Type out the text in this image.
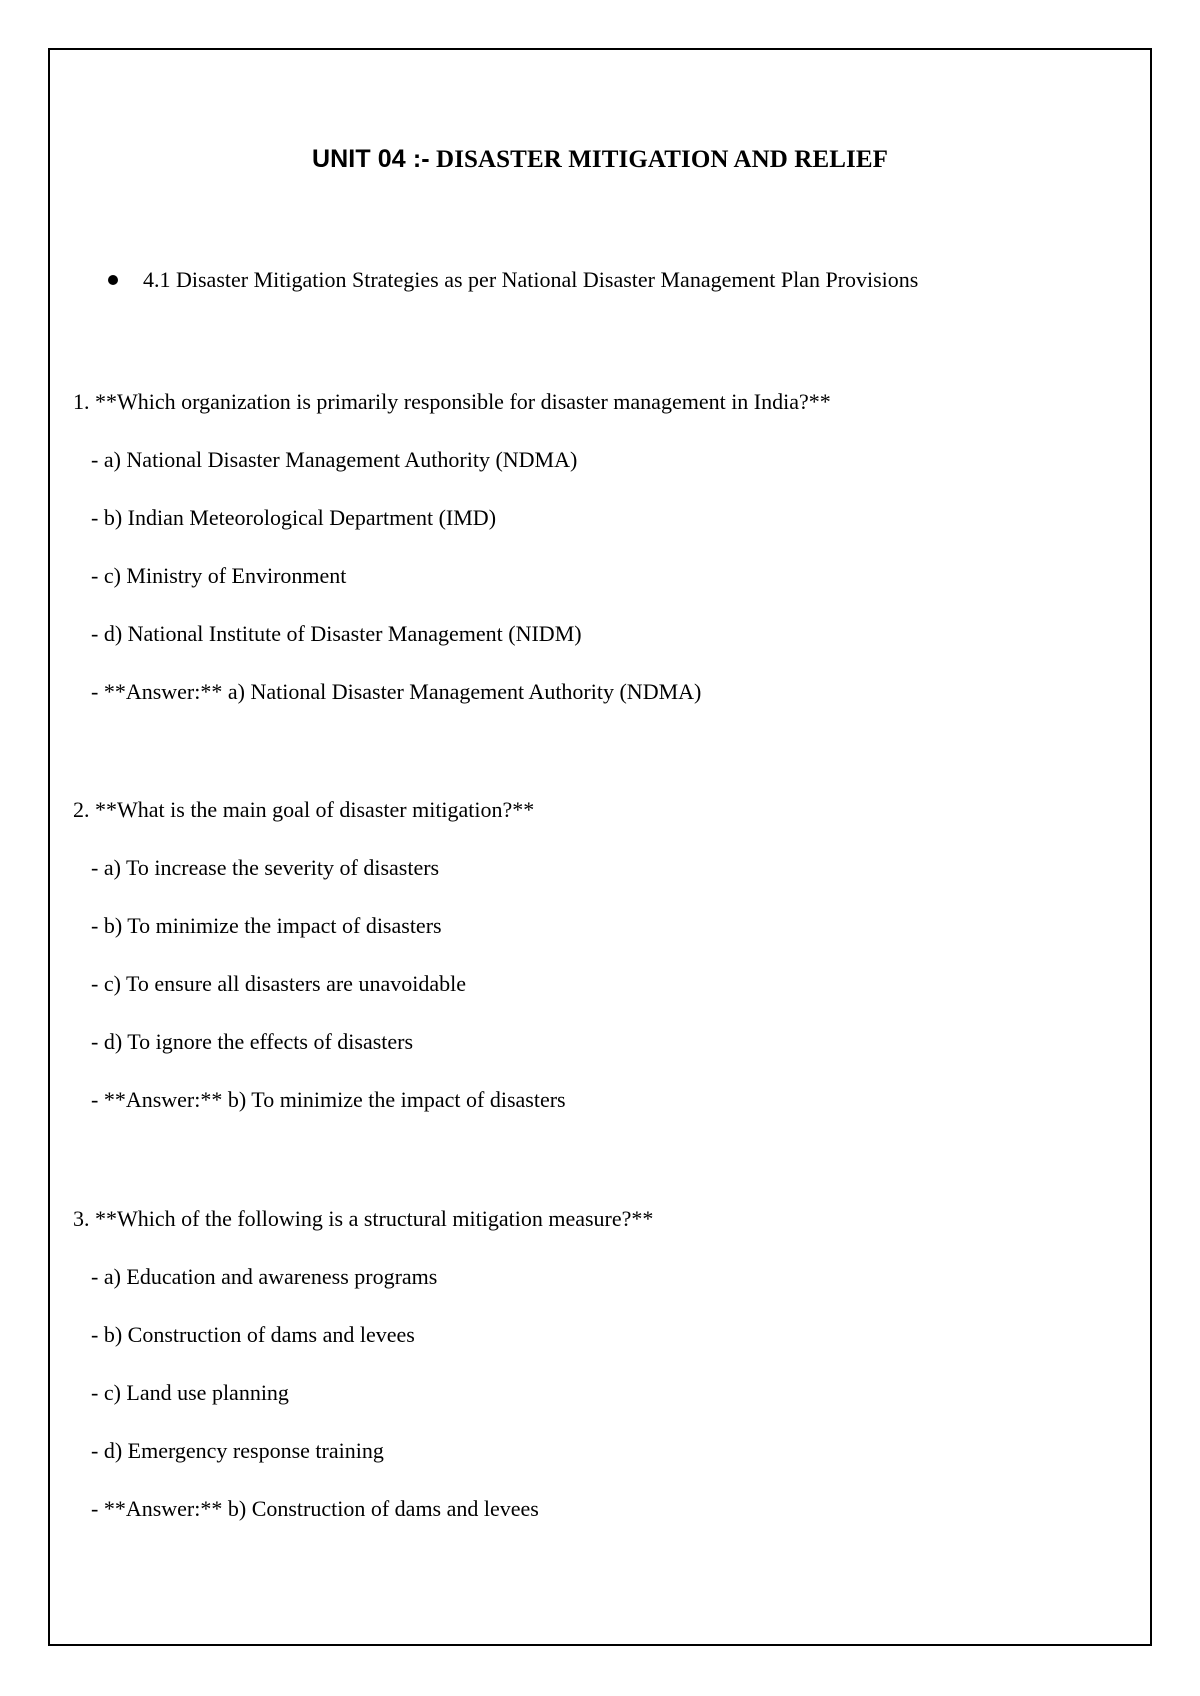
UNIT 04 :- DISASTER MITIGATION AND RELIEF
4.1 Disaster Mitigation Strategies as per National Disaster Management Plan Provisions
1. **Which organization is primarily responsible for disaster management in India?**
- a) National Disaster Management Authority (NDMA)
- b) Indian Meteorological Department (IMD)
- c) Ministry of Environment
- d) National Institute of Disaster Management (NIDM)
- **Answer:** a) National Disaster Management Authority (NDMA)
2. **What is the main goal of disaster mitigation?**
- a) To increase the severity of disasters
- b) To minimize the impact of disasters
- c) To ensure all disasters are unavoidable
- d) To ignore the effects of disasters
- **Answer:** b) To minimize the impact of disasters
3. **Which of the following is a structural mitigation measure?**
- a) Education and awareness programs
- b) Construction of dams and levees
- c) Land use planning
- d) Emergency response training
- **Answer:** b) Construction of dams and levees
